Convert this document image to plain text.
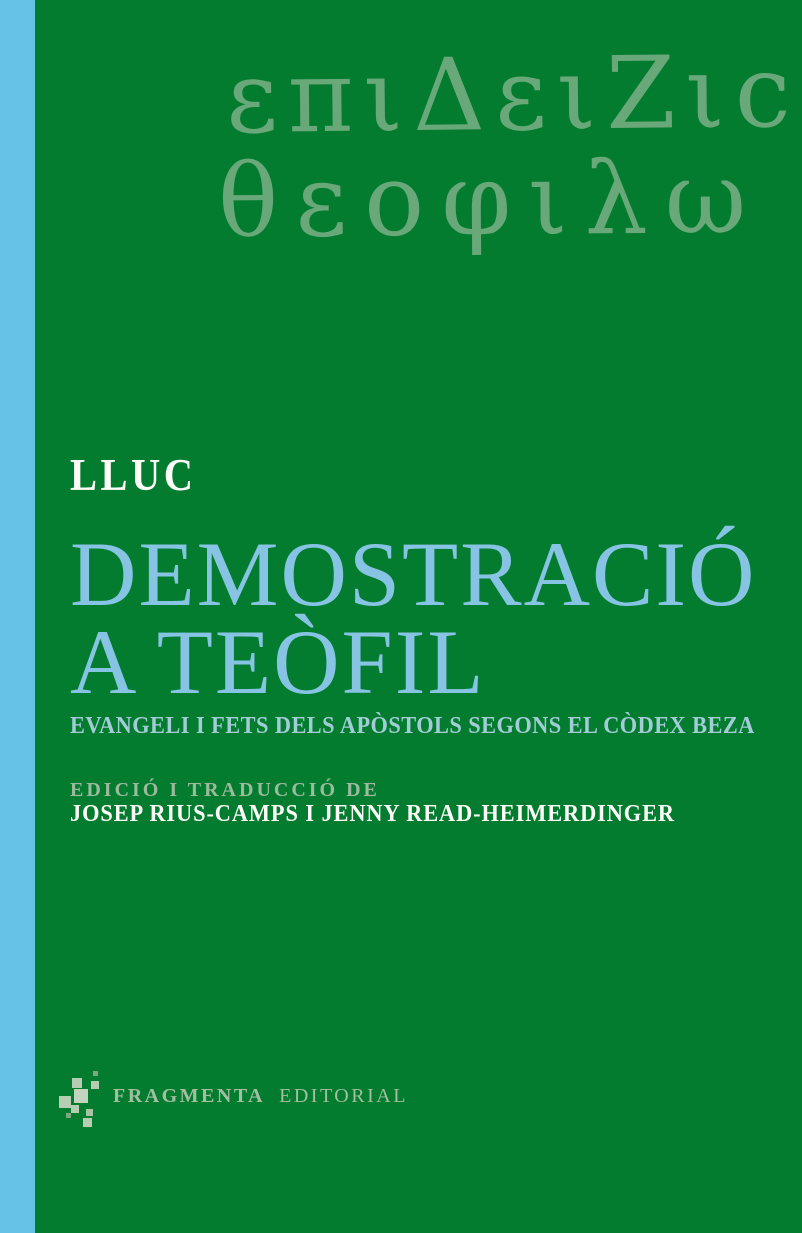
επιΔειΖιc
θεοφιλω
LLUC
DEMOSTRACIÓ
A TEÒFIL
EVANGELI I FETS DELS APÒSTOLS SEGONS EL CÒDEX BEZA
EDICIÓ I TRADUCCIÓ DE
JOSEP RIUS-CAMPS I JENNY READ-HEIMERDINGER
FRAGMENTA EDITORIAL
